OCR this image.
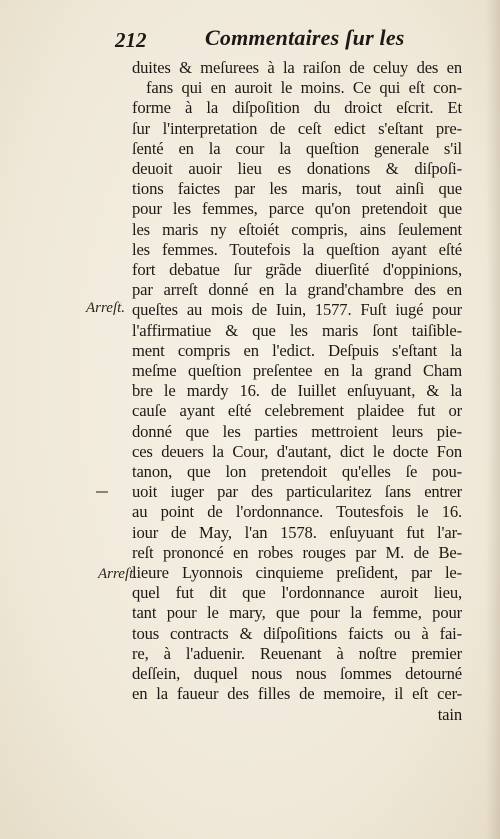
212	Commentaires ſur les
Arreſt.
Arreſt.
duites & meſurees à la raiſon de celuy des en
fans qui en auroit le moins. Ce qui eſt con-
forme à la diſpoſition du droict eſcrit. Et
ſur l'interpretation de ceſt edict s'eſtant pre-
ſenté en la cour la queſtion generale s'il
deuoit auoir lieu es donations & diſpoſi-
tions faictes par les maris, tout ainſi que
pour les femmes, parce qu'on pretendoit que
les maris ny eſtoiét compris, ains ſeulement
les femmes. Toutefois la queſtion ayant eſté
fort debatue ſur grãde diuerſité d'oppinions,
par arreſt donné en la grand'chambre des en
queſtes au mois de Iuin, 1577. Fuſt iugé pour
l'affirmatiue & que les maris ſont taiſible-
ment compris en l'edict. Deſpuis s'eſtant la
meſme queſtion preſentee en la grand Cham
bre le mardy 16. de Iuillet enſuyuant, & la
cauſe ayant eſté celebrement plaidee fut or
donné que les parties mettroient leurs pie-
ces deuers la Cour, d'autant, dict le docte Fon
tanon, que lon pretendoit qu'elles ſe pou-
uoit iuger par des particularitez ſans entrer
au point de l'ordonnance. Toutesfois le 16.
iour de May, l'an 1578. enſuyuant fut l'ar-
reſt prononcé en robes rouges par M. de Be-
lieure Lyonnois cinquieme preſident, par le-
quel fut dit que l'ordonnance auroit lieu,
tant pour le mary, que pour la femme, pour
tous contracts & diſpoſitions faicts ou à fai-
re, à l'aduenir. Reuenant à noſtre premier
deſſein, duquel nous nous ſommes detourné
en la faueur des filles de memoire, il eſt cer-
tain
